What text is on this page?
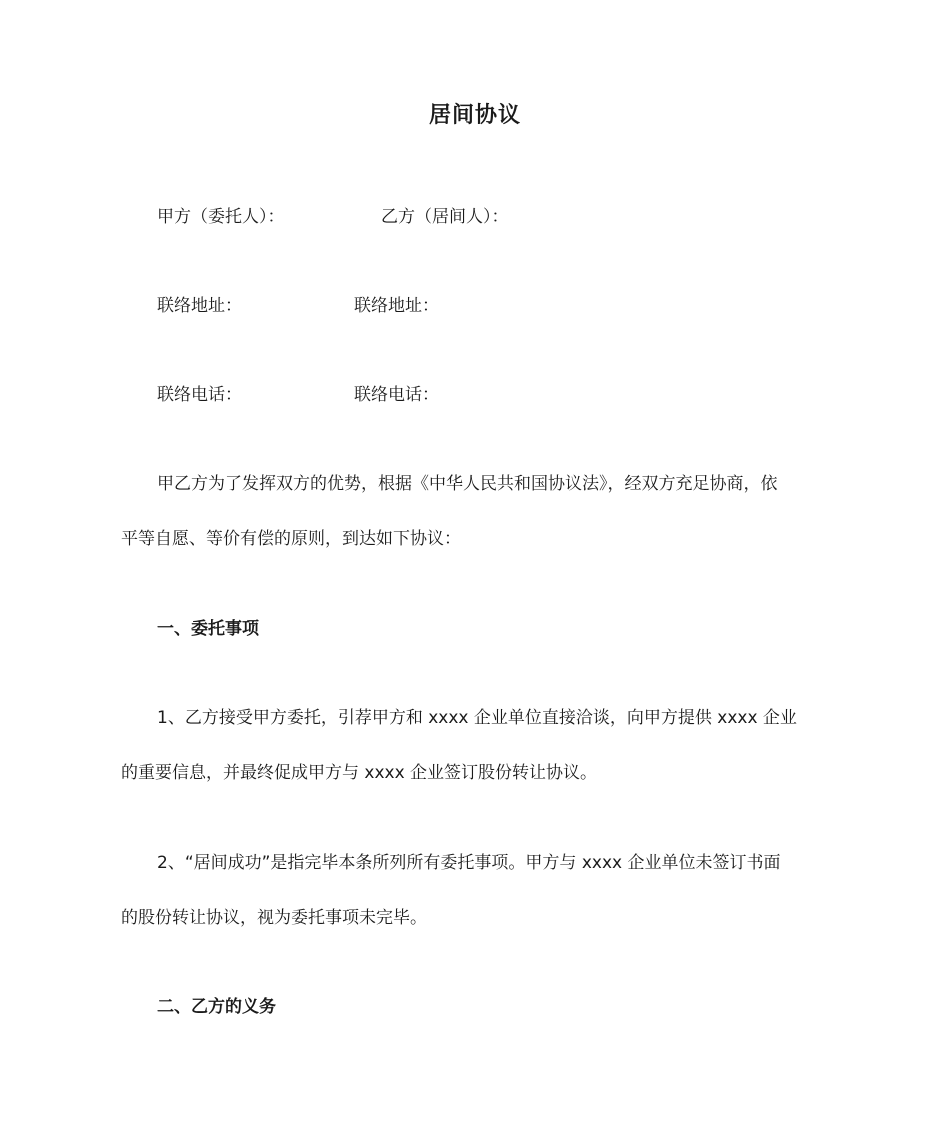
居间协议
甲方（委托人）：	乙方（居间人）：
联络地址：	联络地址：
联络电话：	联络电话：
甲乙方为了发挥双方的优势，根据《中华人民共和国协议法》，经双方充足协商，依
平等自愿、等价有偿的原则，到达如下协议：
一、委托事项
1、乙方接受甲方委托，引荐甲方和 xxxx 企业单位直接洽谈，向甲方提供 xxxx 企业
的重要信息，并最终促成甲方与 xxxx 企业签订股份转让协议。
2、“居间成功”是指完毕本条所列所有委托事项。甲方与 xxxx 企业单位未签订书面
的股份转让协议，视为委托事项未完毕。
二、乙方的义务
